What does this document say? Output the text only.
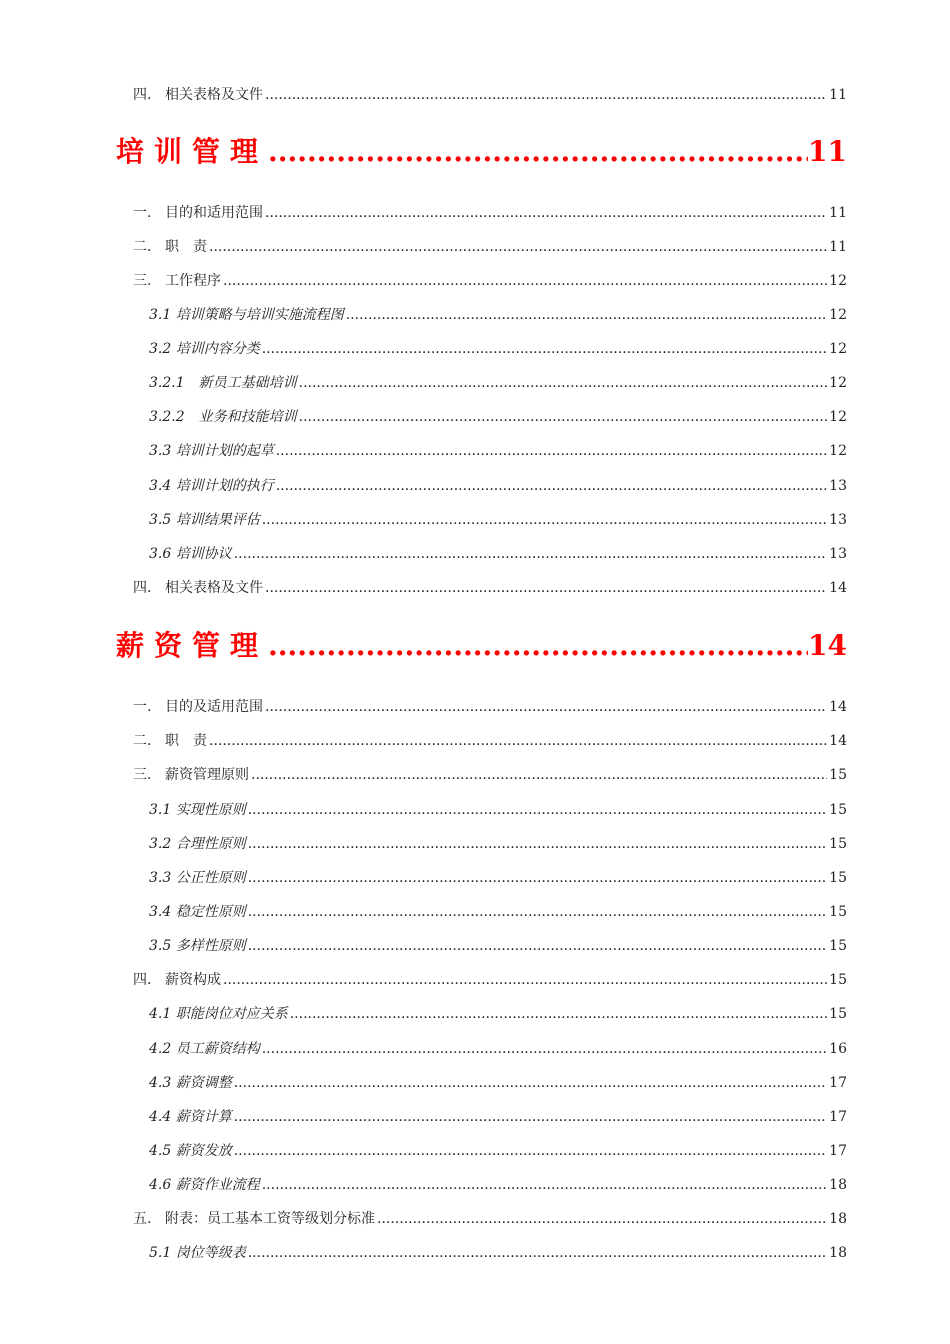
四. 相关表格及文件 .....	11
培训管理 .....	11
一. 目的和适用范围 .....	11
二. 职　责 .....	11
三. 工作程序 .....	12
3.1 培训策略与培训实施流程图 .....	12
3.2 培训内容分类 .....	12
3.2.1　新员工基础培训 .....	12
3.2.2　业务和技能培训 .....	12
3.3 培训计划的起草 .....	12
3.4 培训计划的执行 .....	13
3.5 培训结果评估 .....	13
3.6 培训协议 .....	13
四. 相关表格及文件 .....	14
薪资管理 .....	14
一. 目的及适用范围 .....	14
二. 职　责 .....	14
三. 薪资管理原则 .....	15
3.1 实现性原则 .....	15
3.2 合理性原则 .....	15
3.3 公正性原则 .....	15
3.4 稳定性原则 .....	15
3.5 多样性原则 .....	15
四. 薪资构成 .....	15
4.1 职能岗位对应关系 .....	15
4.2 员工薪资结构 .....	16
4.3 薪资调整 .....	17
4.4 薪资计算 .....	17
4.5 薪资发放 .....	17
4.6 薪资作业流程 .....	18
五. 附表：员工基本工资等级划分标准 .....	18
5.1 岗位等级表 .....	18
